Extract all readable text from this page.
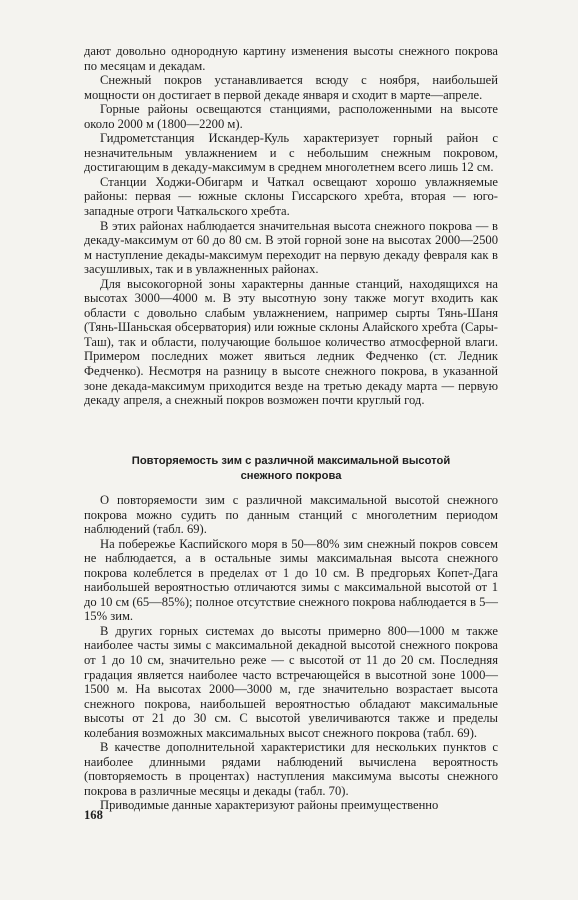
дают довольно однородную картину изменения высоты снежного покрова по месяцам и декадам.

Снежный покров устанавливается всюду с ноября, наибольшей мощности он достигает в первой декаде января и сходит в марте—апреле.

Горные районы освещаются станциями, расположенными на высоте около 2000 м (1800—2200 м).

Гидрометстанция Искандер-Куль характеризует горный район с незначительным увлажнением и с небольшим снежным покровом, достигающим в декаду-максимум в среднем многолетнем всего лишь 12 см.

Станции Ходжи-Обигарм и Чаткал освещают хорошо увлажняемые районы: первая — южные склоны Гиссарского хребта, вторая — юго-западные отроги Чаткальского хребта.

В этих районах наблюдается значительная высота снежного покрова — в декаду-максимум от 60 до 80 см. В этой горной зоне на высотах 2000—2500 м наступление декады-максимум переходит на первую декаду февраля как в засушливых, так и в увлажненных районах.

Для высокогорной зоны характерны данные станций, находящихся на высотах 3000—4000 м. В эту высотную зону также могут входить как области с довольно слабым увлажнением, например сырты Тянь-Шаня (Тянь-Шаньская обсерватория) или южные склоны Алайского хребта (Сары-Таш), так и области, получающие большое количество атмосферной влаги. Примером последних может явиться ледник Федченко (ст. Ледник Федченко). Несмотря на разницу в высоте снежного покрова, в указанной зоне декада-максимум приходится везде на третью декаду марта — первую декаду апреля, а снежный покров возможен почти круглый год.

Повторяемость зим с различной максимальной высотой
снежного покрова

О повторяемости зим с различной максимальной высотой снежного покрова можно судить по данным станций с многолетним периодом наблюдений (табл. 69).

На побережье Каспийского моря в 50—80% зим снежный покров совсем не наблюдается, а в остальные зимы максимальная высота снежного покрова колеблется в пределах от 1 до 10 см. В предгорьях Копет-Дага наибольшей вероятностью отличаются зимы с максимальной высотой от 1 до 10 см (65—85%); полное отсутствие снежного покрова наблюдается в 5—15% зим.

В других горных системах до высоты примерно 800—1000 м также наиболее часты зимы с максимальной декадной высотой снежного покрова от 1 до 10 см, значительно реже — с высотой от 11 до 20 см. Последняя градация является наиболее часто встречающейся в высотной зоне 1000—1500 м. На высотах 2000—3000 м, где значительно возрастает высота снежного покрова, наибольшей вероятностью обладают максимальные высоты от 21 до 30 см. С высотой увеличиваются также и пределы колебания возможных максимальных высот снежного покрова (табл. 69).

В качестве дополнительной характеристики для нескольких пунктов с наиболее длинными рядами наблюдений вычислена вероятность (повторяемость в процентах) наступления максимума высоты снежного покрова в различные месяцы и декады (табл. 70).

Приводимые данные характеризуют районы преимущественно

168
